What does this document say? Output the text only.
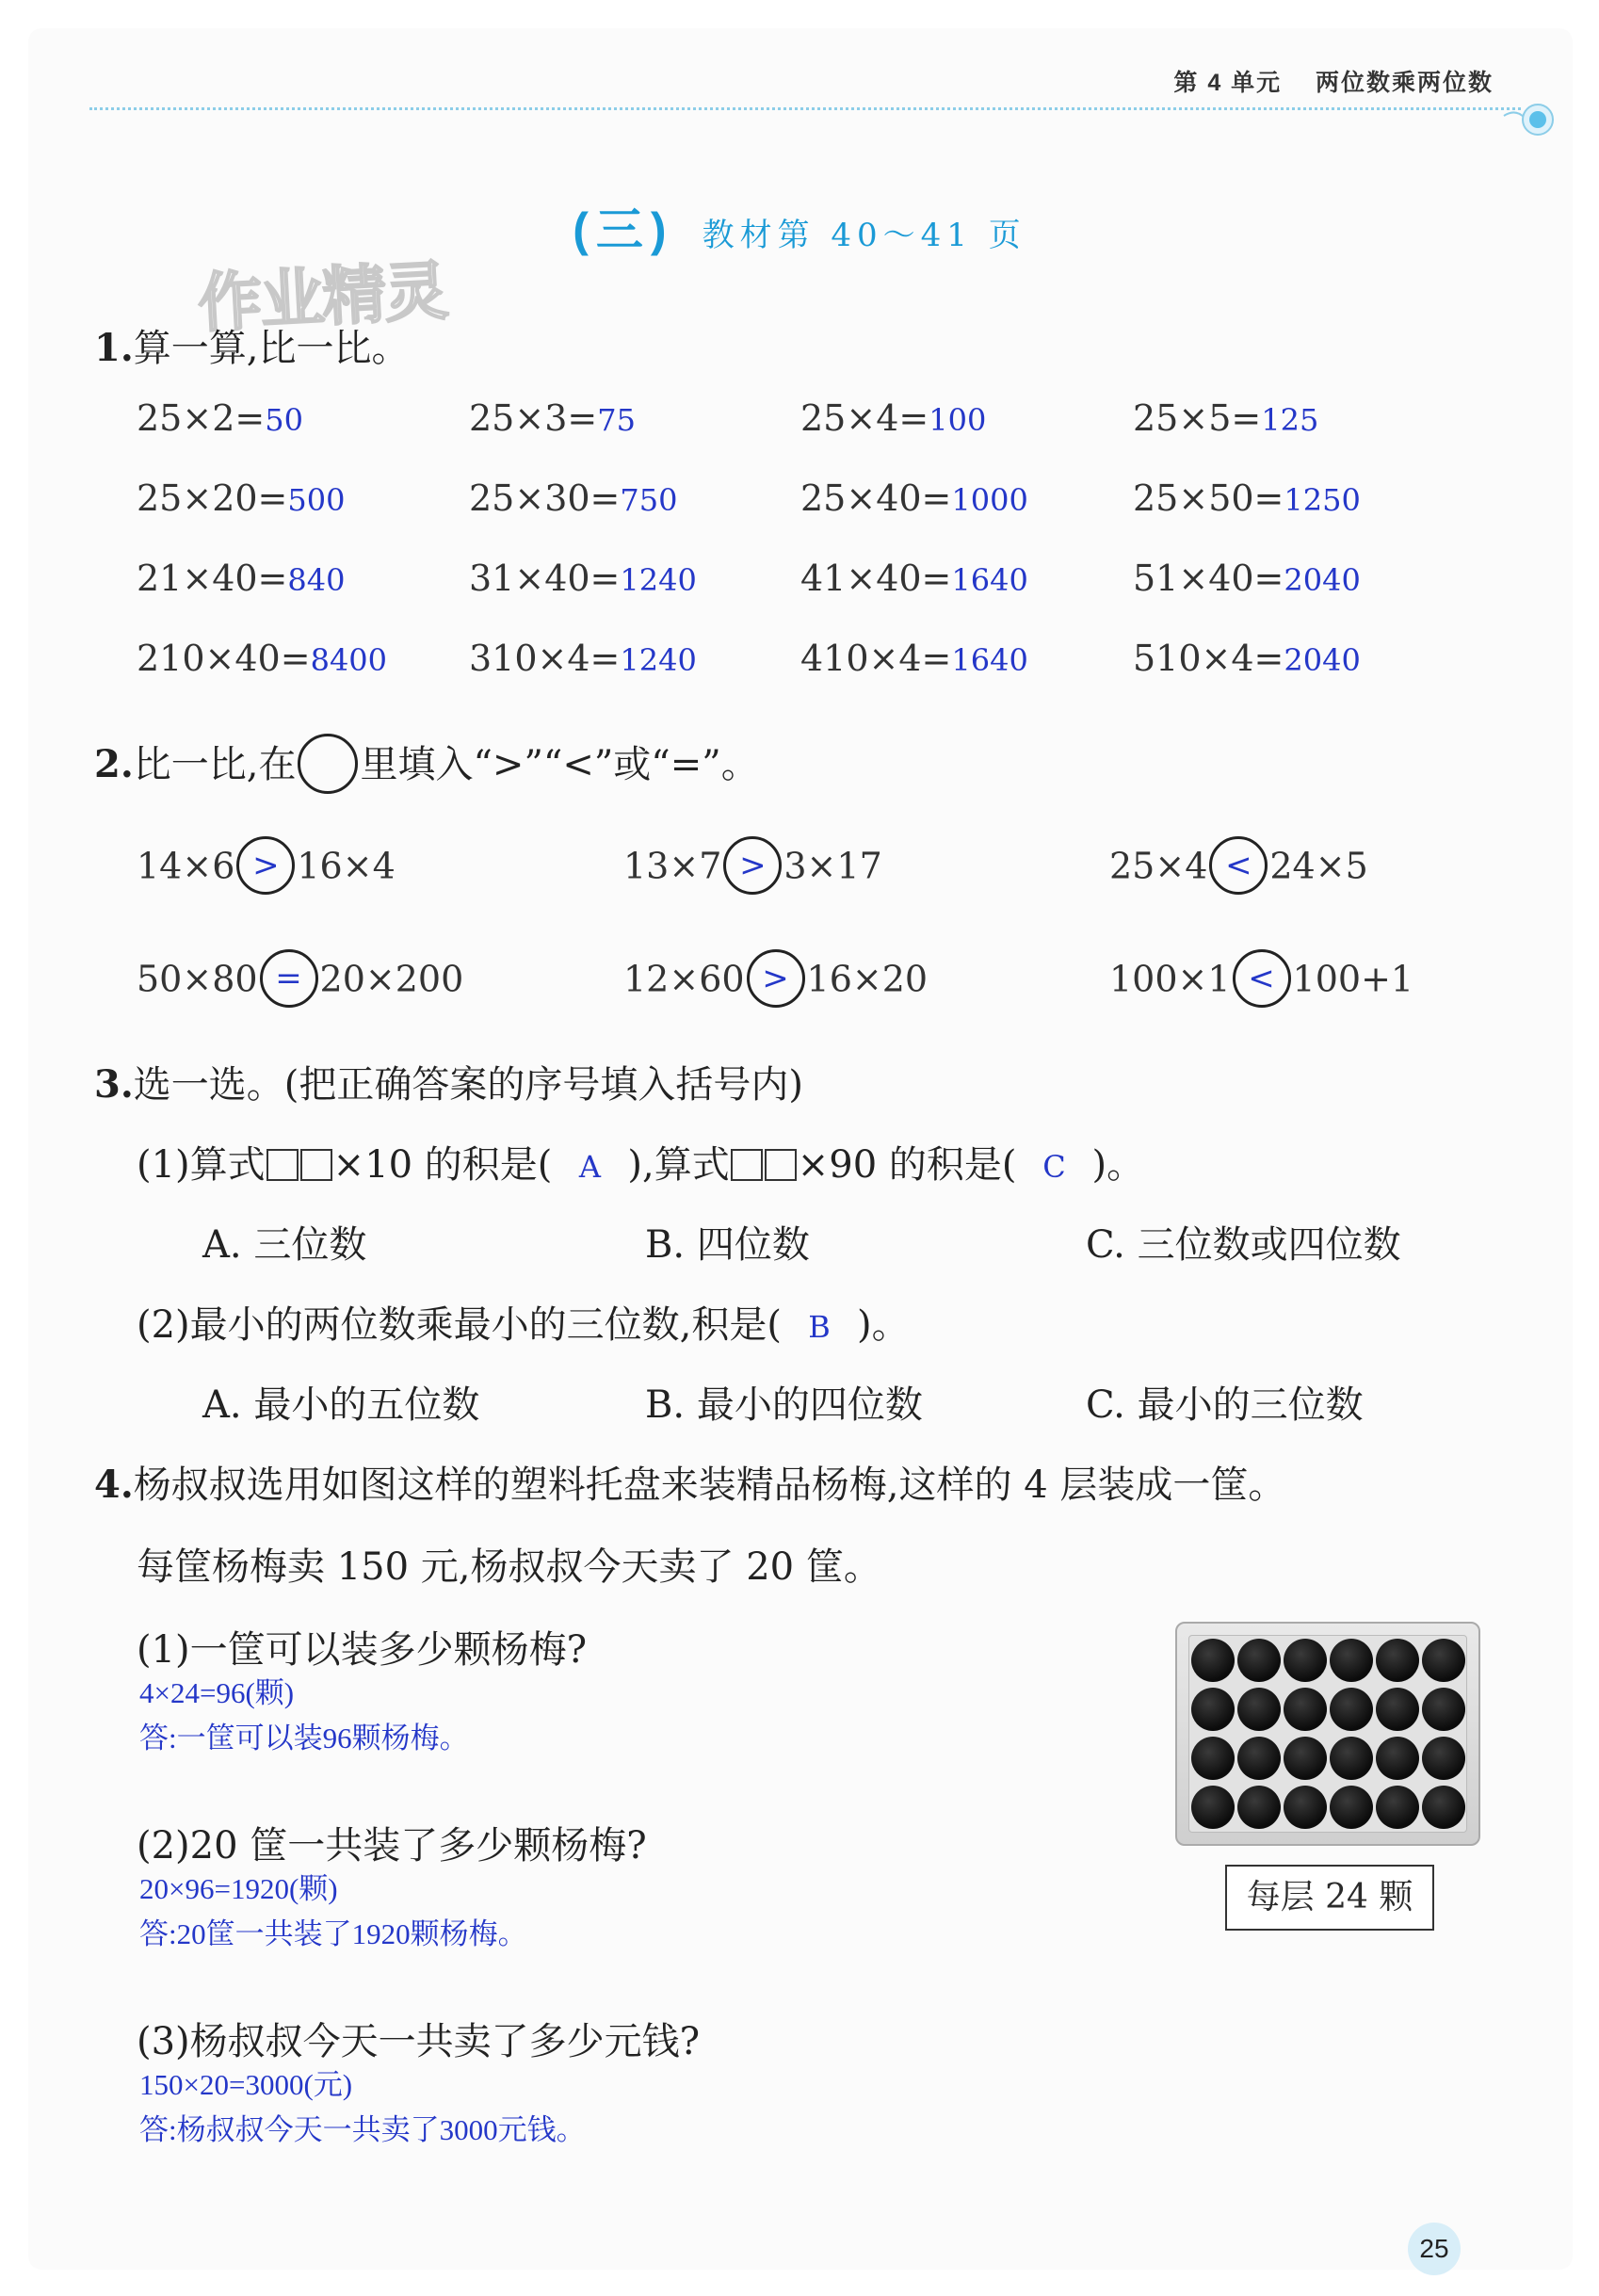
第 4 单元 两位数乘两位数
(三) 教材第 40～41 页
作业精灵
1.算一算,比一比。
25×2=50	25×3=75	25×4=100	25×5=125
25×20=500	25×30=750	25×40=1000	25×50=1250
21×40=840	31×40=1240	41×40=1640	51×40=2040
210×40=8400 310×4=1240	410×4=1640	510×4=2040
2.比一比,在 里填入“>”“<”或“=”。
14×6 > 16×4	13×7 > 3×17	25×4 < 24×5
50×80 = 20×200	12×60 > 16×20	100×1 < 100+1
3.选一选。(把正确答案的序号填入括号内)
(1)算式 ×10 的积是( A ),算式 ×90 的积是( C )。
A. 三位数	B. 四位数	C. 三位数或四位数
(2)最小的两位数乘最小的三位数,积是( B )。
A. 最小的五位数	B. 最小的四位数	C. 最小的三位数
4.杨叔叔选用如图这样的塑料托盘来装精品杨梅,这样的 4 层装成一筐。
每筐杨梅卖 150 元,杨叔叔今天卖了 20 筐。
(1)一筐可以装多少颗杨梅?
4×24=96(颗)
答:一筐可以装96颗杨梅。
(2)20 筐一共装了多少颗杨梅?
20×96=1920(颗)
答:20筐一共装了1920颗杨梅。
(3)杨叔叔今天一共卖了多少元钱?
150×20=3000(元)
答:杨叔叔今天一共卖了3000元钱。
每层 24 颗
25
